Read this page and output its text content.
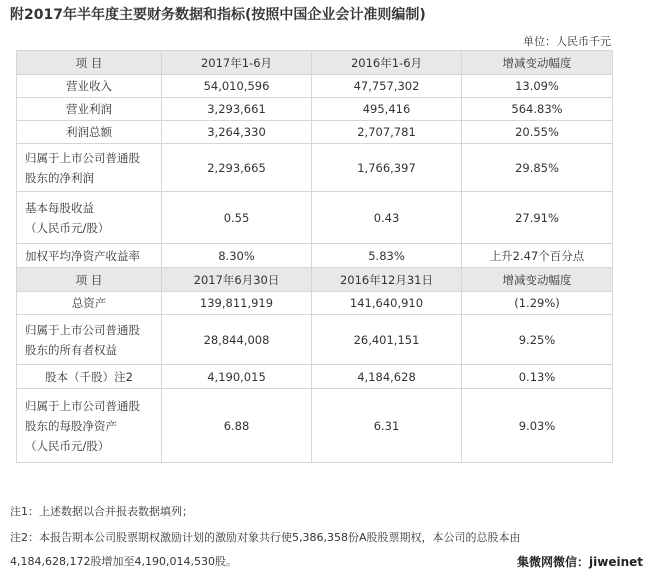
附2017年半年度主要财务数据和指标(按照中国企业会计准则编制)
单位：人民币千元
项 目	2017年1-6月	2016年1-6月	增减变动幅度
营业收入	54,010,596	47,757,302	13.09%
营业利润	3,293,661	495,416	564.83%
利润总额	3,264,330	2,707,781	20.55%

归属于上市公司普通股
股东的净利润	2,293,665	1,766,397	29.85%

基本每股收益
（人民币元/股）	0.55	0.43	27.91%
加权平均净资产收益率	8.30%	5.83%	上升2.47个百分点
项 目	2017年6月30日	2016年12月31日	增减变动幅度
总资产	139,811,919	141,640,910	(1.29%)

归属于上市公司普通股
股东的所有者权益	28,844,008	26,401,151	9.25%
股本（千股）注2	4,190,015	4,184,628	0.13%

归属于上市公司普通股
股东的每股净资产
（人民币元/股）	6.88	6.31	9.03%
注1：上述数据以合并报表数据填列；
注2：本报告期本公司股票期权激励计划的激励对象共行使5,386,358份A股股票期权，本公司的总股本由
4,184,628,172股增加至4,190,014,530股。	集微网微信：jiweinet
